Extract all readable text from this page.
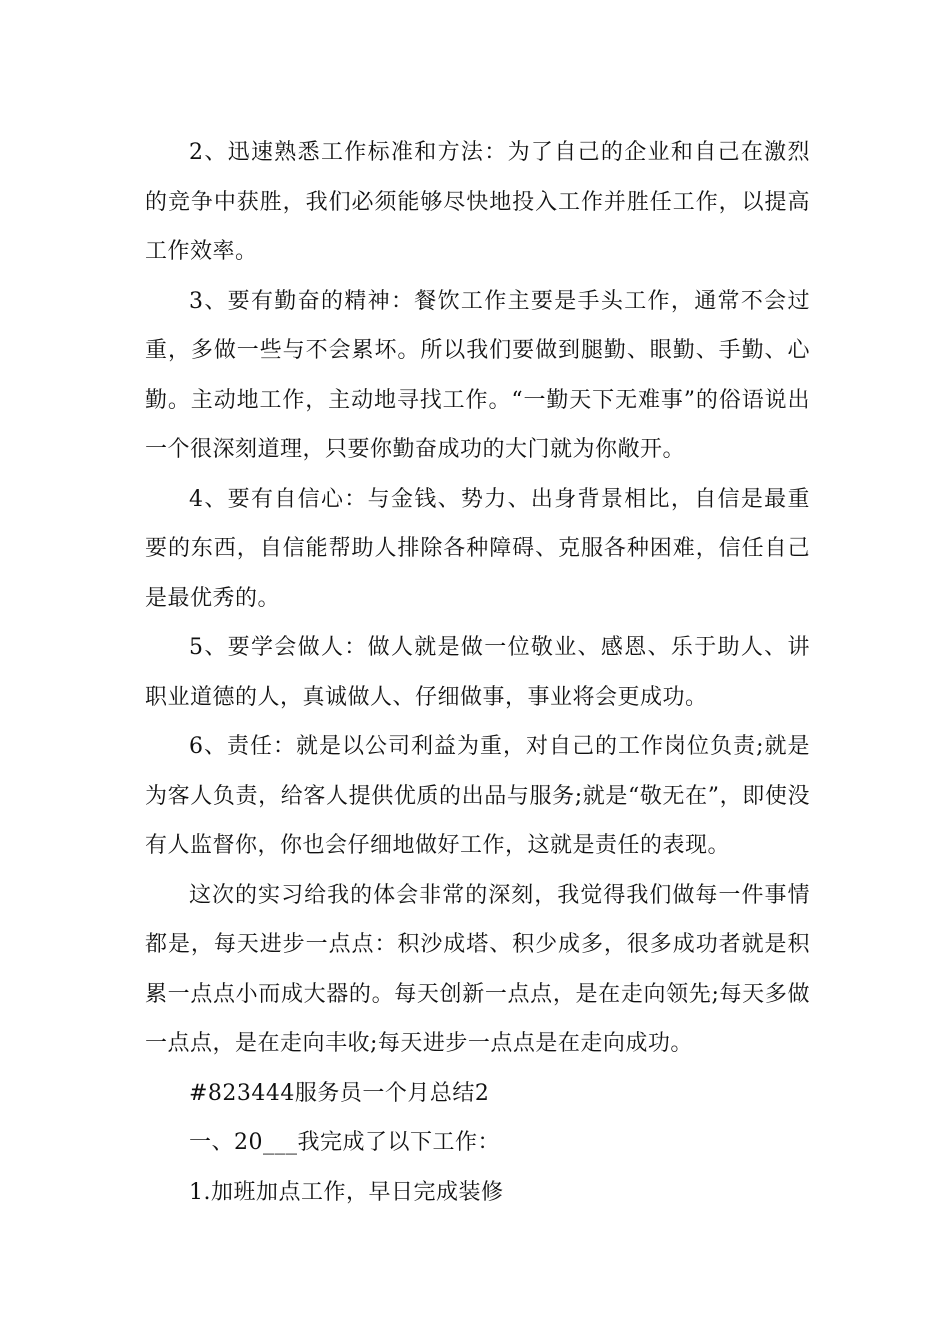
2、迅速熟悉工作标准和方法：为了自己的企业和自己在激烈的竞争中获胜，我们必须能够尽快地投入工作并胜任工作，以提高工作效率。

3、要有勤奋的精神：餐饮工作主要是手头工作，通常不会过重，多做一些与不会累坏。所以我们要做到腿勤、眼勤、手勤、心勤。主动地工作，主动地寻找工作。“一勤天下无难事”的俗语说出一个很深刻道理，只要你勤奋成功的大门就为你敞开。

4、要有自信心：与金钱、势力、出身背景相比，自信是最重要的东西，自信能帮助人排除各种障碍、克服各种困难，信任自己是最优秀的。

5、要学会做人：做人就是做一位敬业、感恩、乐于助人、讲职业道德的人，真诚做人、仔细做事，事业将会更成功。

6、责任：就是以公司利益为重，对自己的工作岗位负责;就是为客人负责，给客人提供优质的出品与服务;就是“敬无在”，即使没有人监督你，你也会仔细地做好工作，这就是责任的表现。

这次的实习给我的体会非常的深刻，我觉得我们做每一件事情都是，每天进步一点点：积沙成塔、积少成多，很多成功者就是积累一点点小而成大器的。每天创新一点点，是在走向领先;每天多做一点点，是在走向丰收;每天进步一点点是在走向成功。

#823444服务员一个月总结2

一、20___我完成了以下工作：

1.加班加点工作，早日完成装修
